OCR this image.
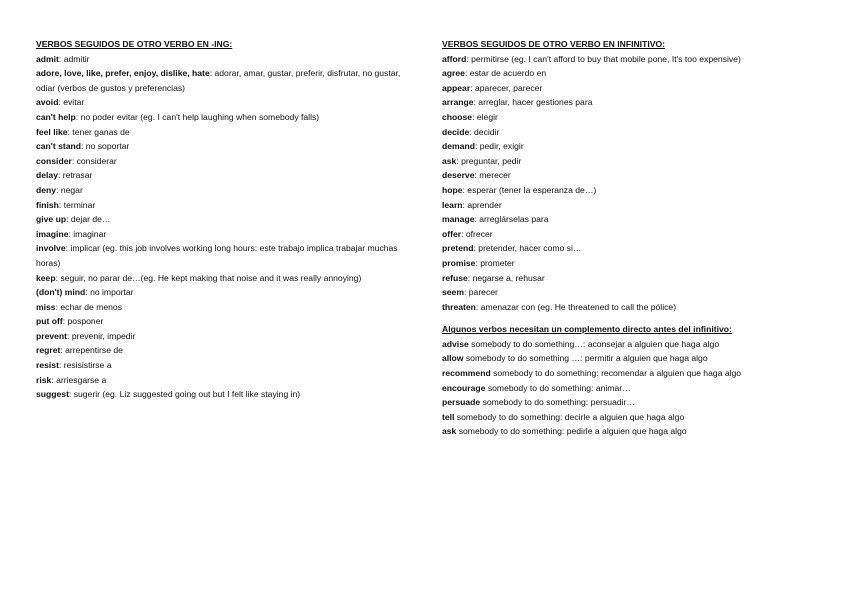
VERBOS SEGUIDOS DE OTRO VERBO EN -ING:
admit: admitir
adore, love, like, prefer, enjoy, dislike, hate: adorar, amar, gustar, preferir, disfrutar, no gustar, odiar (verbos de gustos y preferencias)
avoid: evitar
can't help: no poder evitar (eg. I can't help laughing when somebody falls)
feel like: tener ganas de
can't stand: no soportar
consider: considerar
delay: retrasar
deny: negar
finish: terminar
give up: dejar de…
imagine: imaginar
involve: implicar (eg. this job involves working long hours: este trabajo implica trabajar muchas horas)
keep: seguir, no parar de…(eg. He kept making that noise and it was really annoying)
(don't) mind: no importar
miss: echar de menos
put off: posponer
prevent: prevenir, impedir
regret: arrepentirse de
resist: resisistirse a
risk: arriesgarse a
suggest: sugerir (eg. Liz suggested going out but I felt like staying in)
VERBOS SEGUIDOS DE OTRO VERBO EN INFINITIVO:
afford: permitirse (eg. I can't afford to buy that mobile pone, It's too expensive)
agree: estar de acuerdo en
appear: aparecer, parecer
arrange: arreglar, hacer gestiones para
choose: elegir
decide: decidir
demand: pedir, exigir
ask: preguntar, pedir
deserve: merecer
hope: esperar (tener la esperanza de…)
learn: aprender
manage: arreglárselas para
offer: ofrecer
pretend: pretender, hacer como si…
promise: prometer
refuse: negarse a, rehusar
seem: parecer
threaten: amenazar con (eg. He threatened to call the pólice)
Algunos verbos necesitan un complemento directo antes del infinitivo:
advise somebody to do something…: aconsejar a alguien que haga algo
allow somebody to do something …: permitir a alguien que haga algo
recommend somebody to do something: recomendar a alguien que haga algo
encourage somebody to do something: animar…
persuade somebody to do something: persuadir…
tell somebody to do something: decirle a alguien que haga algo
ask somebody to do something: pedirle a alguien que haga algo
